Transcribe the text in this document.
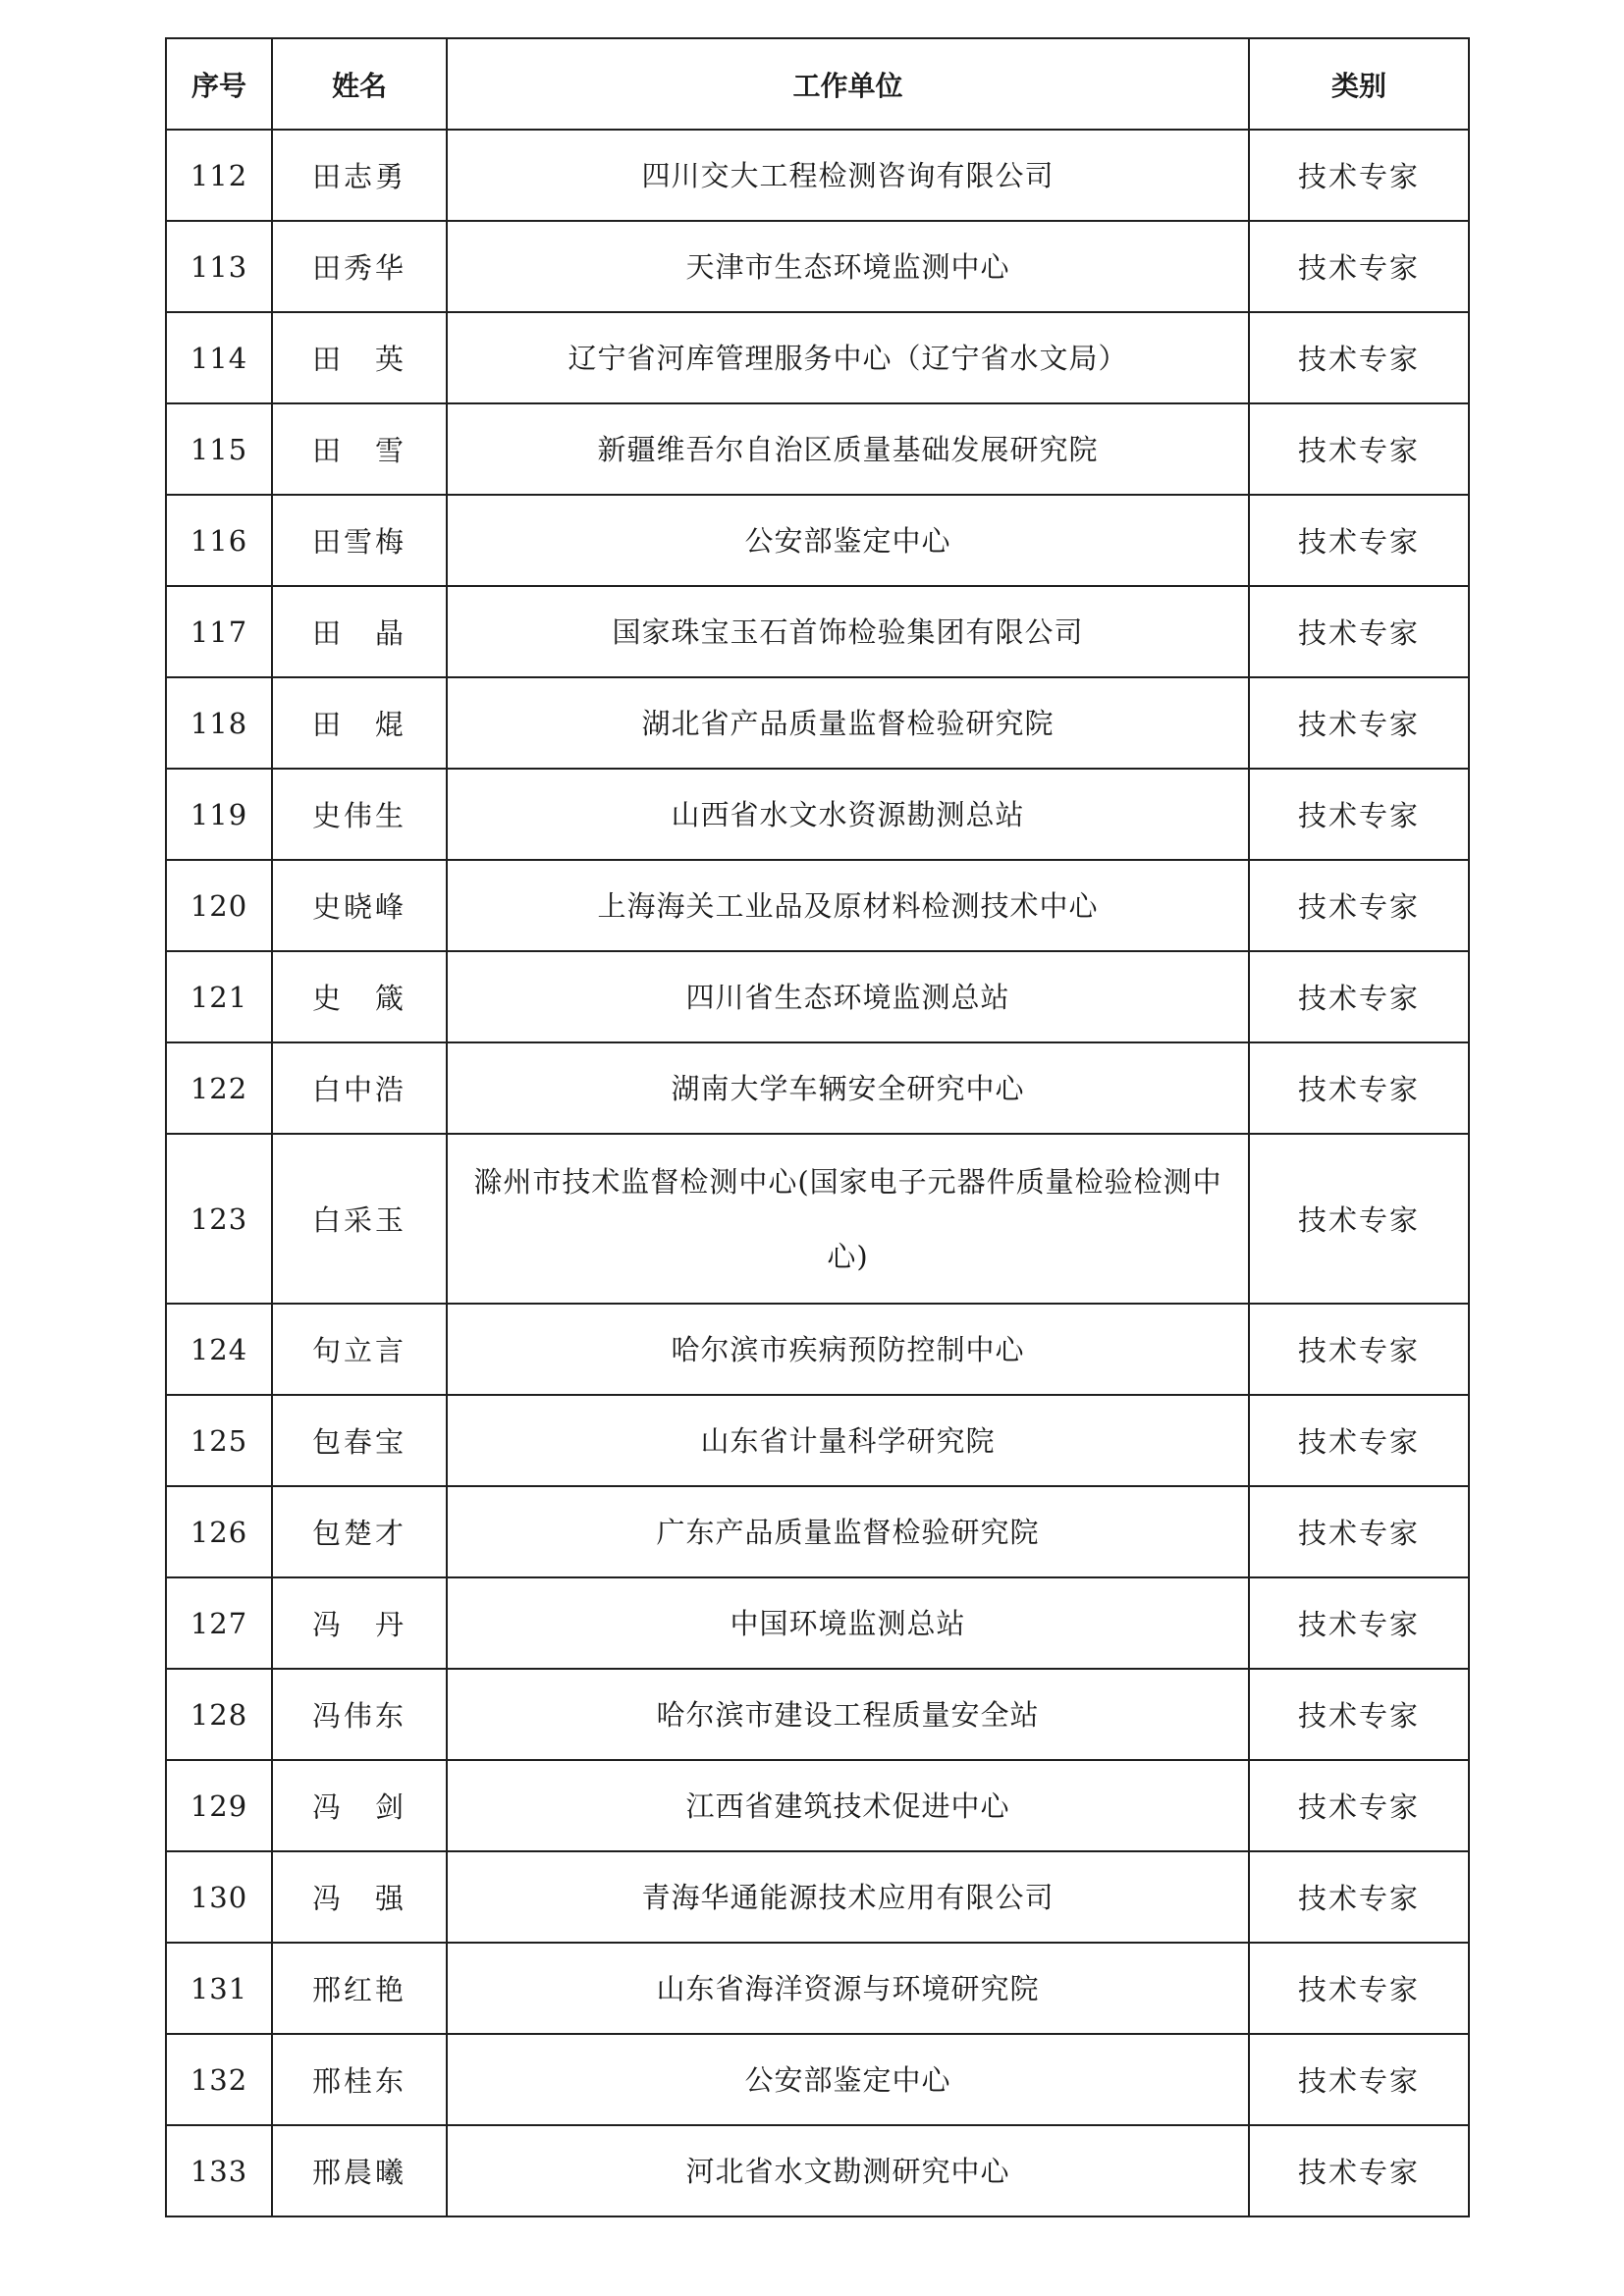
序号	姓名	工作单位	类别
112	田志勇	四川交大工程检测咨询有限公司	技术专家
113	田秀华	天津市生态环境监测中心	技术专家
114	田　英	辽宁省河库管理服务中心（辽宁省水文局）	技术专家
115	田　雪	新疆维吾尔自治区质量基础发展研究院	技术专家
116	田雪梅	公安部鉴定中心	技术专家
117	田　晶	国家珠宝玉石首饰检验集团有限公司	技术专家
118	田　焜	湖北省产品质量监督检验研究院	技术专家
119	史伟生	山西省水文水资源勘测总站	技术专家
120	史晓峰	上海海关工业品及原材料检测技术中心	技术专家
121	史　箴	四川省生态环境监测总站	技术专家
122	白中浩	湖南大学车辆安全研究中心	技术专家
123	白采玉	滁州市技术监督检测中心(国家电子元器件质量检验检测中心)	技术专家
124	句立言	哈尔滨市疾病预防控制中心	技术专家
125	包春宝	山东省计量科学研究院	技术专家
126	包楚才	广东产品质量监督检验研究院	技术专家
127	冯　丹	中国环境监测总站	技术专家
128	冯伟东	哈尔滨市建设工程质量安全站	技术专家
129	冯　剑	江西省建筑技术促进中心	技术专家
130	冯　强	青海华通能源技术应用有限公司	技术专家
131	邢红艳	山东省海洋资源与环境研究院	技术专家
132	邢桂东	公安部鉴定中心	技术专家
133	邢晨曦	河北省水文勘测研究中心	技术专家
